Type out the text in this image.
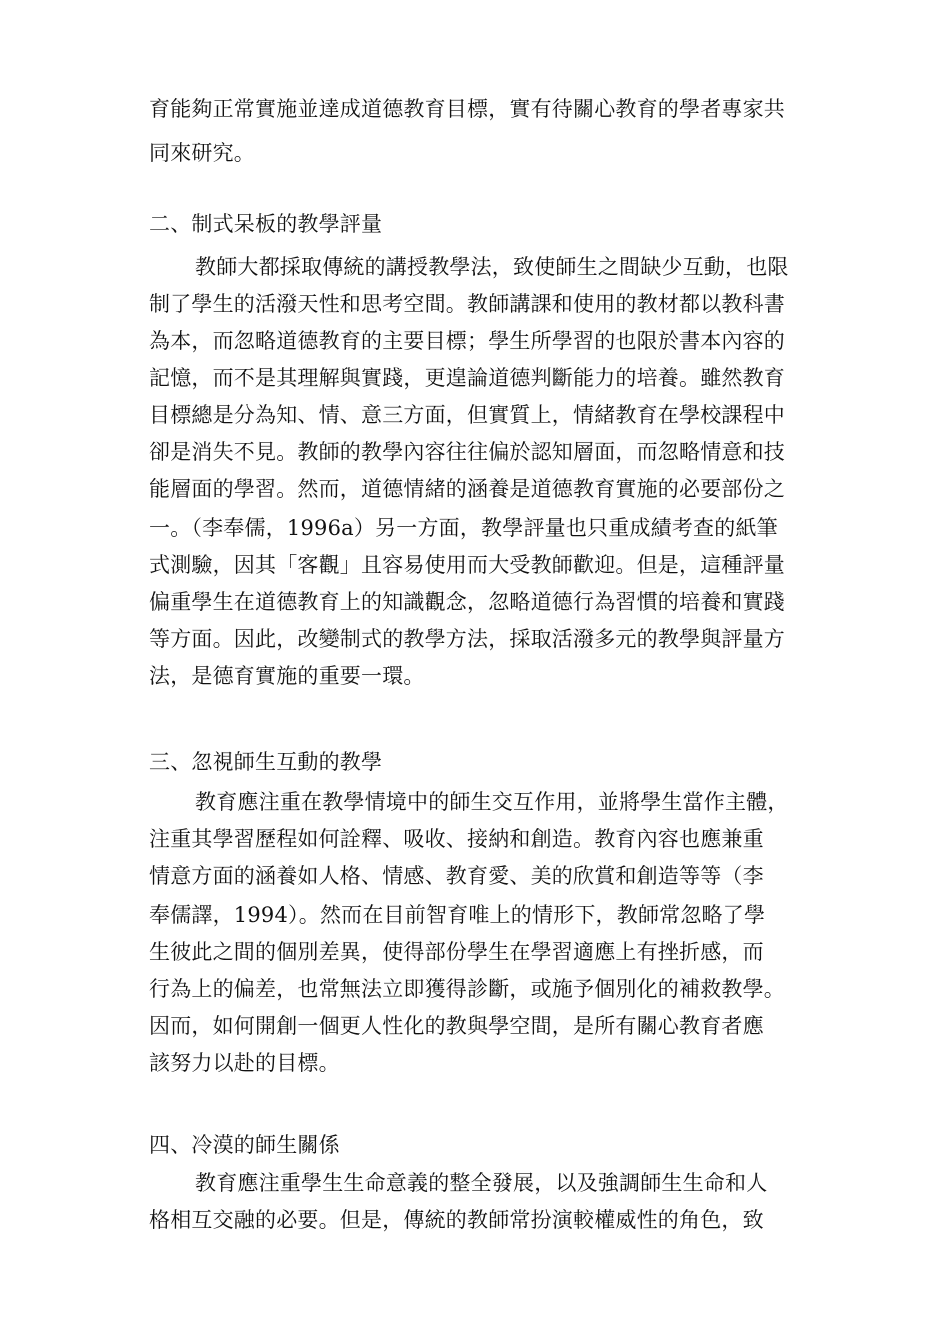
育能夠正常實施並達成道德教育目標，實有待關心教育的學者專家共
同來研究。
二、制式呆板的教學評量
教師大都採取傳統的講授教學法，致使師生之間缺少互動，也限
制了學生的活潑天性和思考空間。教師講課和使用的教材都以教科書
為本，而忽略道德教育的主要目標；學生所學習的也限於書本內容的
記憶，而不是其理解與實踐，更遑論道德判斷能力的培養。雖然教育
目標總是分為知、情、意三方面，但實質上，情緒教育在學校課程中
卻是消失不見。教師的教學內容往往偏於認知層面，而忽略情意和技
能層面的學習。然而，道德情緒的涵養是道德教育實施的必要部份之
一。（李奉儒，1996a）另一方面，教學評量也只重成績考查的紙筆
式測驗，因其「客觀」且容易使用而大受教師歡迎。但是，這種評量
偏重學生在道德教育上的知識觀念，忽略道德行為習慣的培養和實踐
等方面。因此，改變制式的教學方法，採取活潑多元的教學與評量方
法，是德育實施的重要一環。
三、忽視師生互動的教學
教育應注重在教學情境中的師生交互作用，並將學生當作主體，
注重其學習歷程如何詮釋、吸收、接納和創造。教育內容也應兼重
情意方面的涵養如人格、情感、教育愛、美的欣賞和創造等等（李
奉儒譯，1994）。然而在目前智育唯上的情形下，教師常忽略了學
生彼此之間的個別差異，使得部份學生在學習適應上有挫折感，而
行為上的偏差，也常無法立即獲得診斷，或施予個別化的補救教學。
因而，如何開創一個更人性化的教與學空間，是所有關心教育者應
該努力以赴的目標。
四、冷漠的師生關係
教育應注重學生生命意義的整全發展，以及強調師生生命和人
格相互交融的必要。但是，傳統的教師常扮演較權威性的角色，致
